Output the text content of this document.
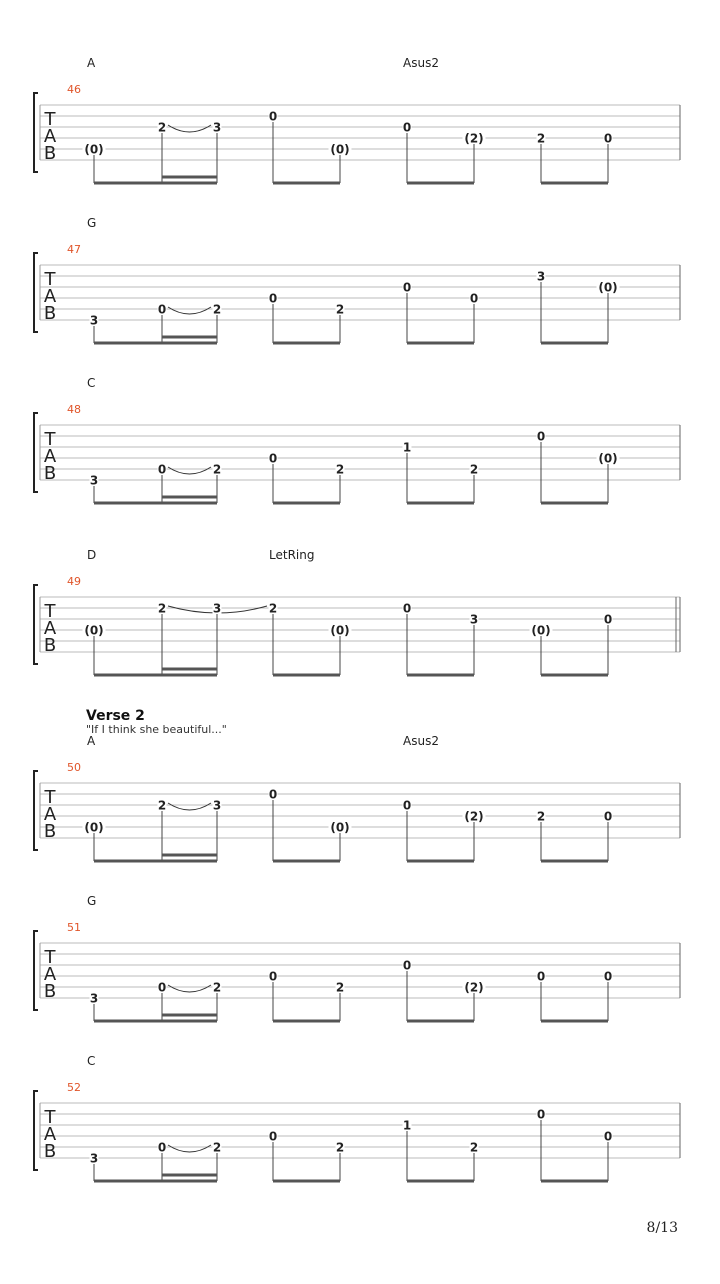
T
A
B
46
A	Asus2
(0)
2	3
0
(0)
0
(2)	2	0
T
A
B
47
G
3
0	2
0
2
0
0
3
(0)
T
A
B
48
C
3
0	2
0
2
1
2
0
(0)
T
A
B
49
D	LetRing
(0)
2	3	2
(0)
0
3
(0)
0
T
A
B
50
Verse 2
"If I think she beautiful..."
A	Asus2
(0)
2	3
0
(0)
0
(2)	2	0
T
A
B
51
G
3
0	2
0
2
0
(2)
0	0
T
A
B
52
C
3
0	2
0
2
1
2
0
0
8/13
